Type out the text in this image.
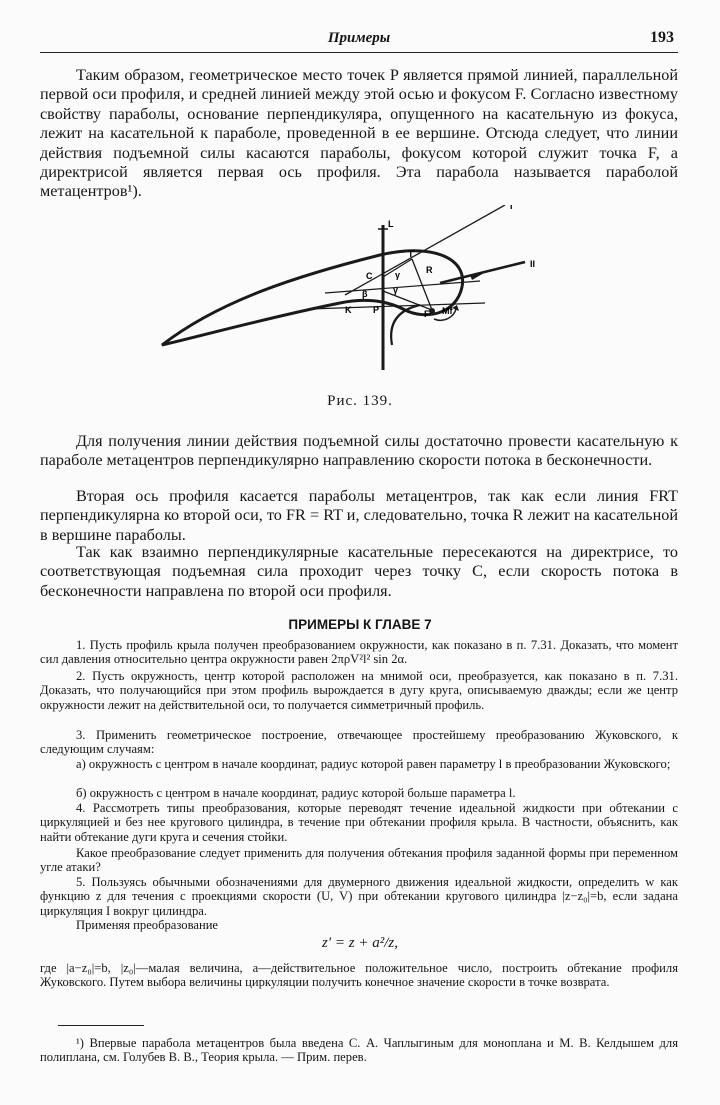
Примеры	193

Таким образом, геометрическое место точек P является прямой линией, параллельной первой оси профиля, и средней линией между этой осью и фокусом F. Согласно известному свойству параболы, основание перпендикуляра, опущенного на касательную из фокуса, лежит на касательной к параболе, проведенной в ее вершине. Отсюда следует, что линии действия подъемной силы касаются параболы, фокусом которой служит точка F, а директрисой является первая ось профиля. Эта парабола называется параболой метацентров¹).

L
I
II
T
C
R
γ
γ
β
K P	F Mf
Рис. 139.

Для получения линии действия подъемной силы достаточно провести касательную к параболе метацентров перпендикулярно направлению скорости потока в бесконечности.

Вторая ось профиля касается параболы метацентров, так как если линия FRT перпендикулярна ко второй оси, то FR = RT и, следовательно, точка R лежит на касательной в вершине параболы.

Так как взаимно перпендикулярные касательные пересекаются на директрисе, то соответствующая подъемная сила проходит через точку C, если скорость потока в бесконечности направлена по второй оси профиля.

ПРИМЕРЫ К ГЛАВЕ 7

1. Пусть профиль крыла получен преобразованием окружности, как показано в п. 7.31. Доказать, что момент сил давления относительно центра окружности равен 2πρV²l² sin 2α.

2. Пусть окружность, центр которой расположен на мнимой оси, преобразуется, как показано в п. 7.31. Доказать, что получающийся при этом профиль вырождается в дугу круга, описываемую дважды; если же центр окружности лежит на действительной оси, то получается симметричный профиль.

3. Применить геометрическое построение, отвечающее простейшему преобразованию Жуковского, к следующим случаям:

а) окружность с центром в начале координат, радиус которой равен параметру l в преобразовании Жуковского;

б) окружность с центром в начале координат, радиус которой больше параметра l.

4. Рассмотреть типы преобразования, которые переводят течение идеальной жидкости при обтекании с циркуляцией и без нее кругового цилиндра, в течение при обтекании профиля крыла. В частности, объяснить, как найти обтекание дуги круга и сечения стойки.

Какое преобразование следует применить для получения обтекания профиля заданной формы при переменном угле атаки?

5. Пользуясь обычными обозначениями для двумерного движения идеальной жидкости, определить w как функцию z для течения с проекциями скорости (U, V) при обтекании кругового цилиндра |z−z₀|=b, если задана циркуляция I вокруг цилиндра.

Применяя преобразование

z′ = z + a²/z,

где |a−z₀|=b, |z₀|—малая величина, a—действительное положительное число, построить обтекание профиля Жуковского. Путем выбора величины циркуляции получить конечное значение скорости в точке возврата.

¹) Впервые парабола метацентров была введена С. А. Чаплыгиным для моноплана и М. В. Келдышем для полиплана, см. Голубев В. В., Теория крыла. — Прим. перев.
